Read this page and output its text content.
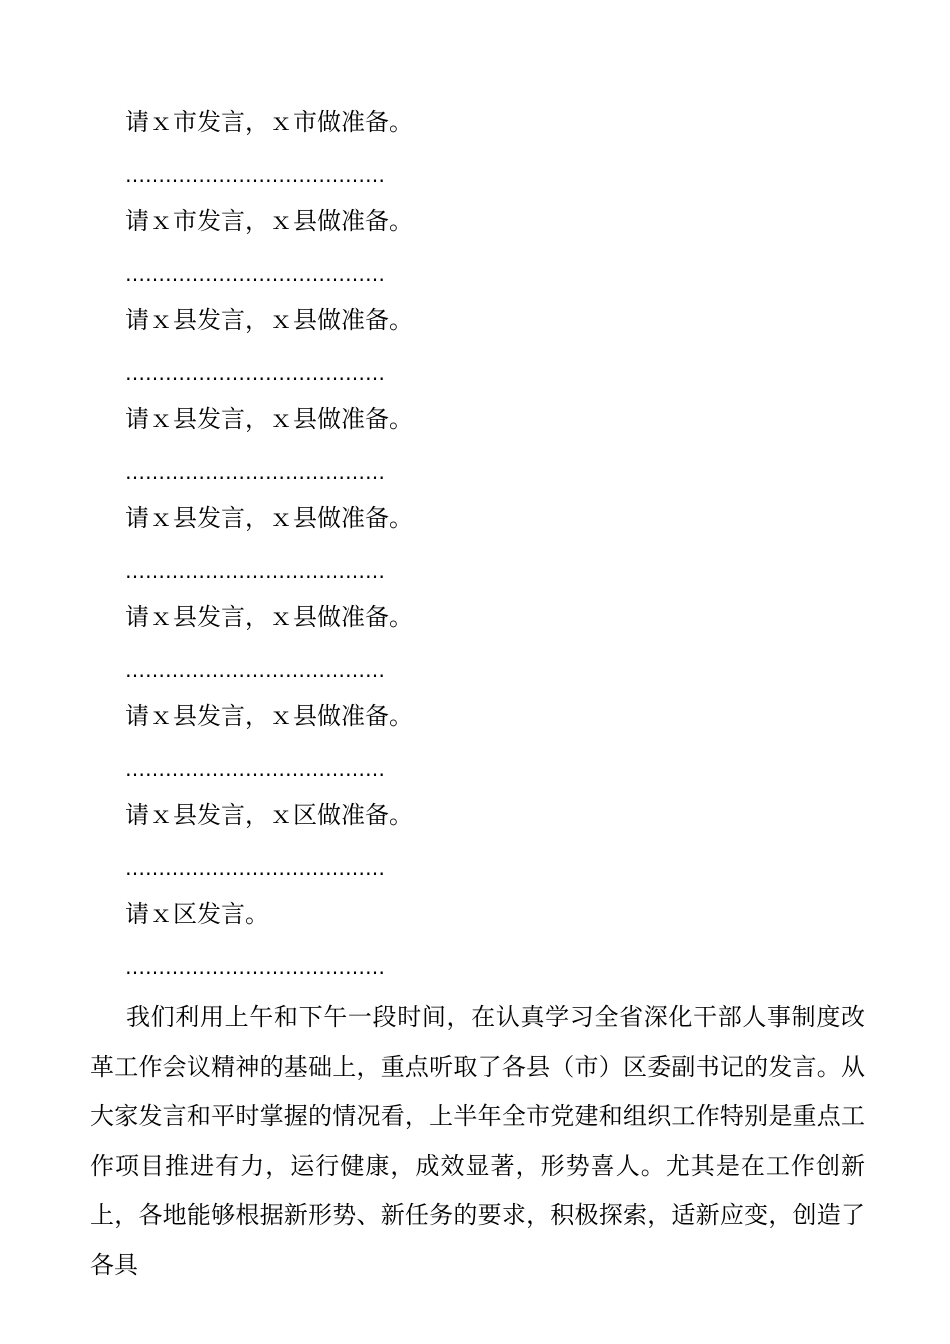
请ｘ市发言，ｘ市做准备。

…………………………………

请ｘ市发言，ｘ县做准备。

…………………………………

请ｘ县发言，ｘ县做准备。

…………………………………

请ｘ县发言，ｘ县做准备。

…………………………………

请ｘ县发言，ｘ县做准备。

…………………………………

请ｘ县发言，ｘ县做准备。

…………………………………

请ｘ县发言，ｘ县做准备。

…………………………………

请ｘ县发言，ｘ区做准备。

…………………………………

请ｘ区发言。

…………………………………

我们利用上午和下午一段时间，在认真学习全省深化干部人事制度改革工作会议精神的基础上，重点听取了各县（市）区委副书记的发言。从大家发言和平时掌握的情况看，上半年全市党建和组织工作特别是重点工作项目推进有力，运行健康，成效显著，形势喜人。尤其是在工作创新上，各地能够根据新形势、新任务的要求，积极探索，适新应变，创造了各具
